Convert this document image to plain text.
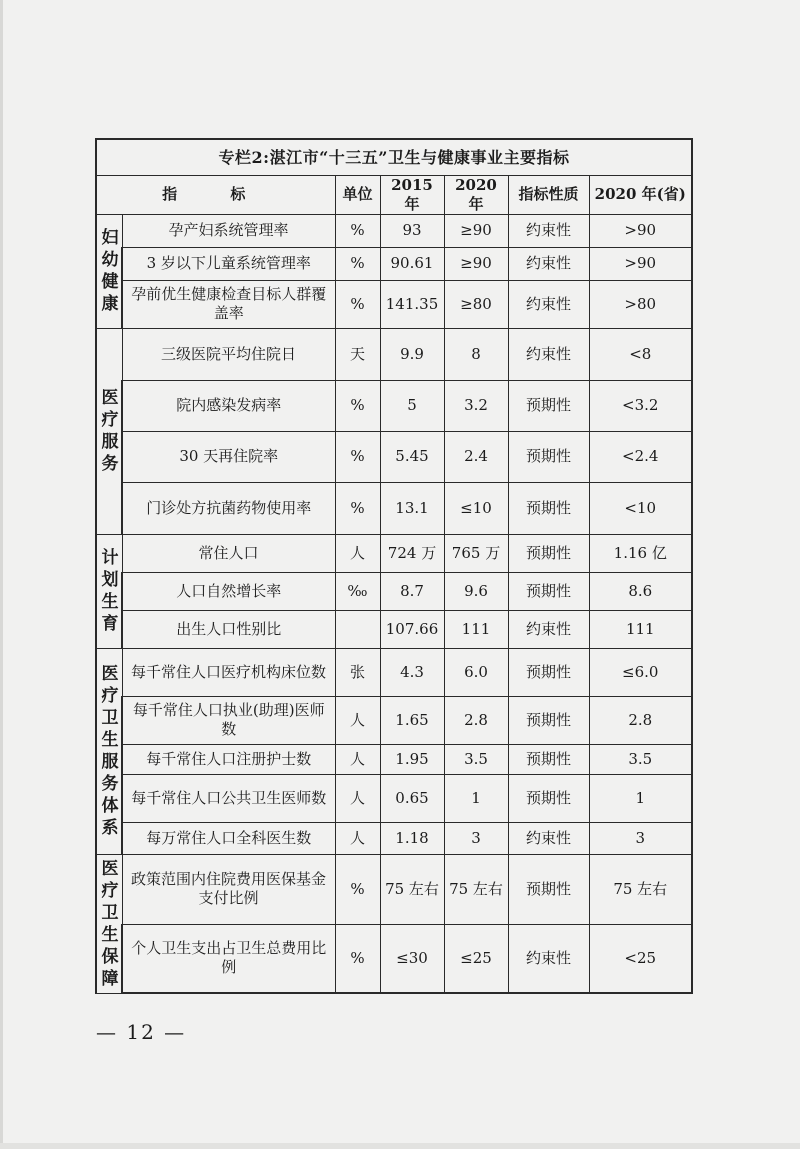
专栏2:湛江市“十三五”卫生与健康事业主要指标						
指 标		单位	2015 年	2020 年	指标性质	2020 年(省)
妇幼健康	孕产妇系统管理率	%	93	≥90	约束性	>90
	3 岁以下儿童系统管理率	%	90.61	≥90	约束性	>90
	孕前优生健康检查目标人群覆盖率	%	141.35	≥80	约束性	>80
医疗服务	三级医院平均住院日	天	9.9	8	约束性	<8
	院内感染发病率	%	5	3.2	预期性	<3.2
	30 天再住院率	%	5.45	2.4	预期性	<2.4
	门诊处方抗菌药物使用率	%	13.1	≤10	预期性	<10
计划生育	常住人口	人	724 万	765 万	预期性	1.16 亿
	人口自然增长率	‰	8.7	9.6	预期性	8.6
	出生人口性别比		107.66	111	约束性	111
医疗卫生服务体系	每千常住人口医疗机构床位数	张	4.3	6.0	预期性	≤6.0
	每千常住人口执业(助理)医师数	人	1.65	2.8	预期性	2.8
	每千常住人口注册护士数	人	1.95	3.5	预期性	3.5
	每千常住人口公共卫生医师数	人	0.65	1	预期性	1
	每万常住人口全科医生数	人	1.18	3	约束性	3
医疗卫生保障	政策范围内住院费用医保基金支付比例	%	75 左右	75 左右	预期性	75 左右
	个人卫生支出占卫生总费用比例	%	≤30	≤25	约束性	<25
— 12 —
